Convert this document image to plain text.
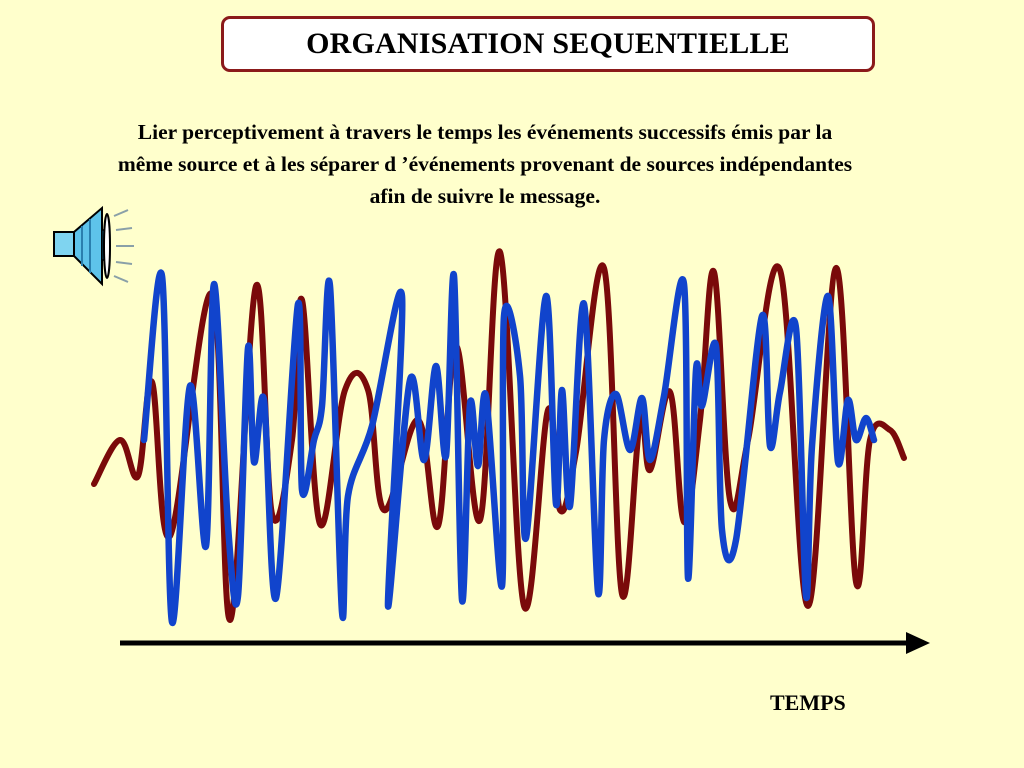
ORGANISATION SEQUENTIELLE

Lier perceptivement à travers le temps les événements successifs émis par la
même source et à les séparer d ’événements provenant de sources indépendantes
afin de suivre le message.

TEMPS
